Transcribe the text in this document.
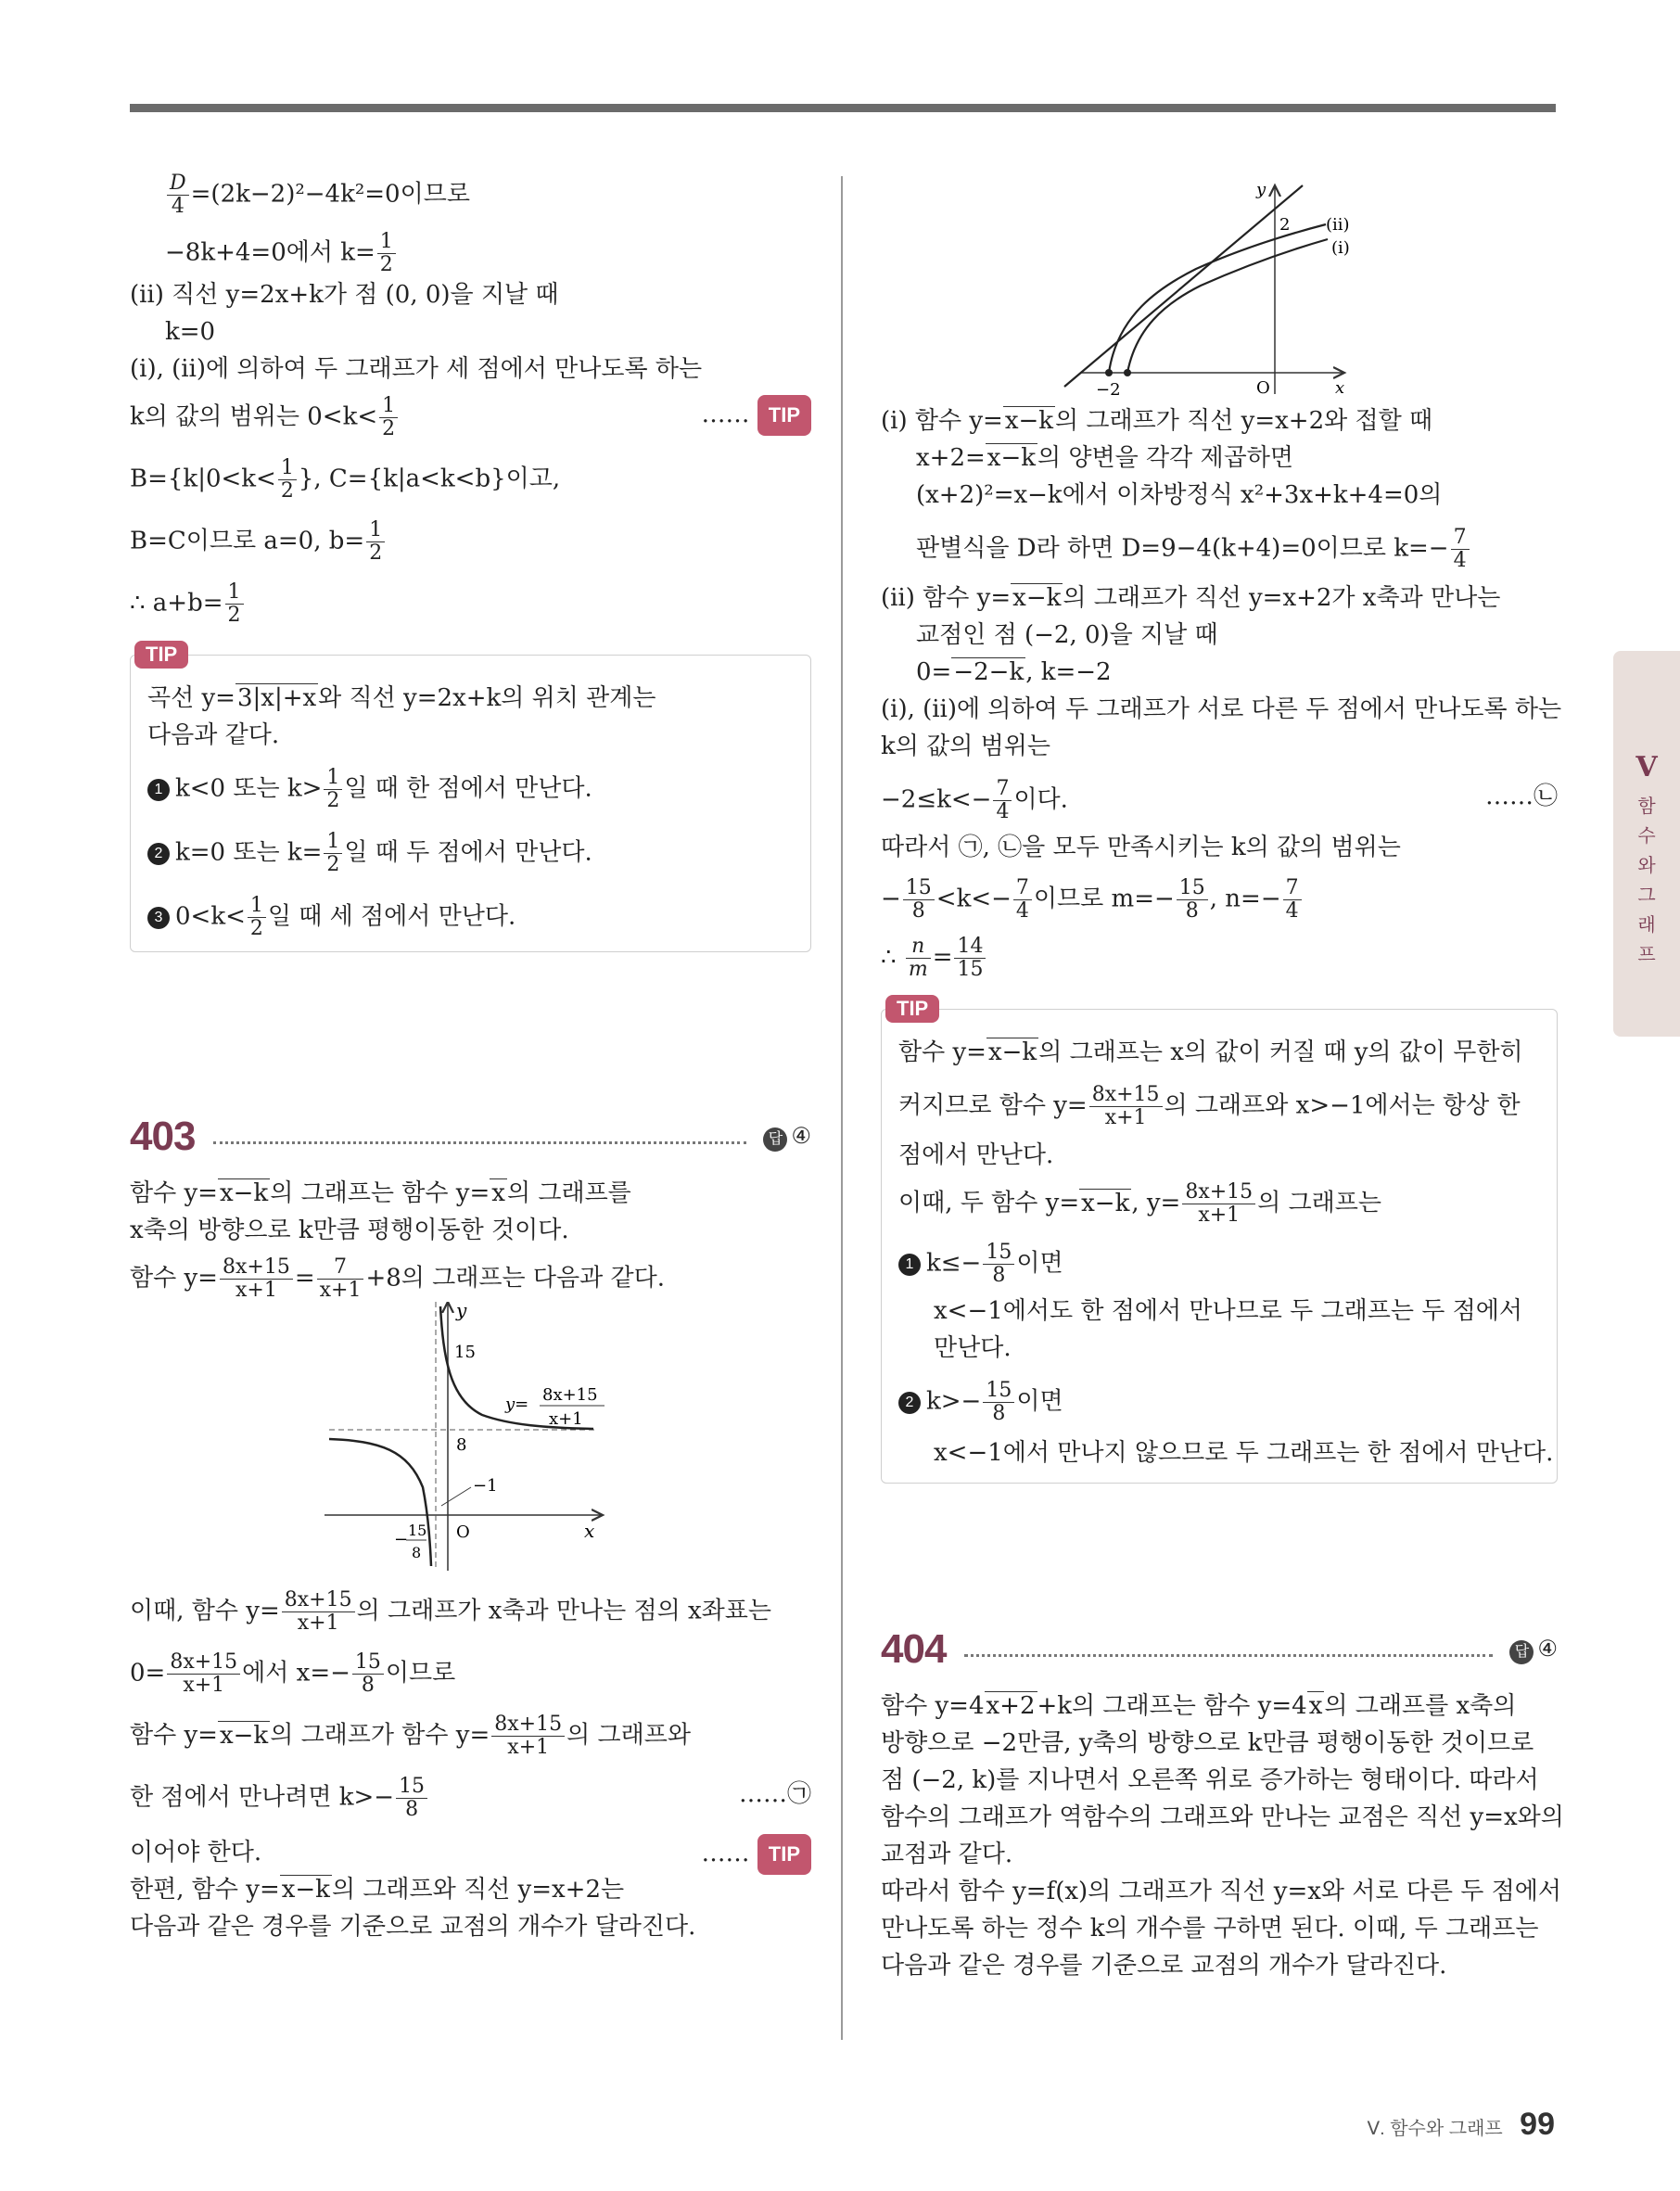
$\frac{D}{4} =(2k-2)^2-4k^2=0$이므로
−8k+4=0에서 $k= \frac{1}{2}$
(ⅱ) 직선 y=2x+k가 점 (0, 0)을 지날 때
k=0
(ⅰ), (ⅱ)에 의하여 두 그래프가 세 점에서 만나도록 하는
k의 값의 범위는 $0<k< \frac{1}{2}$	…… TIP
$B=\{k|0<k< \frac{1}{2}$ }, C={k|a<k<b}이고,
B=C이므로 a=0, $b= \frac{1}{2}$
∴ $a+b= \frac{1}{2}$
TIP
곡선 y=3|x|+x와 직선 y=2x+k의 위치 관계는
다음과 같다.
1 k<0 또는 $k> \frac{1}{2}$ 일 때 한 점에서 만난다.
2 k=0 또는 $k= \frac{1}{2}$ 일 때 두 점에서 만난다.
3 $0<k< \frac{1}{2}$ 일 때 세 점에서 만난다.
403	답 ④
함수 y=x−k의 그래프는 함수 y=x의 그래프를
x축의 방향으로 k만큼 평행이동한 것이다.
함수 $y= \frac{8x+15}{x+1} = \frac{7}{x+1} +8$의 그래프는 다음과 같다.
y
15
8
O	x
−1
y= 8x+15
x+1
− 15
8
이때, 함수 $y= \frac{8x+15}{x+1}$ 의 그래프가 x축과 만나는 점의 x좌표는
$0= \frac{8x+15}{x+1}$ 에서 $x=- \frac{15}{8}$ 이므로
함수 y=x−k의 그래프가 함수 $y= \frac{8x+15}{x+1}$ 의 그래프와
한 점에서 만나려면 $k>- \frac{15}{8}$	……㉠
이어야 한다.	…… TIP
한편, 함수 y=x−k의 그래프와 직선 y=x+2는
다음과 같은 경우를 기준으로 교점의 개수가 달라진다.
y
2
O	x
−2
(ⅱ)
(ⅰ)
(ⅰ) 함수 y=x−k의 그래프가 직선 y=x+2와 접할 때
x+2=x−k의 양변을 각각 제곱하면
(x+2)²=x−k에서 이차방정식 x²+3x+k+4=0의
판별식을 D라 하면 D=9−4(k+4)=0이므로 $k=- \frac{7}{4}$
(ⅱ) 함수 y=x−k의 그래프가 직선 y=x+2가 x축과 만나는
교점인 점 (−2, 0)을 지날 때
0=−2−k, k=−2
(ⅰ), (ⅱ)에 의하여 두 그래프가 서로 다른 두 점에서 만나도록 하는
k의 값의 범위는
$-2\le k<- \frac{7}{4}$ 이다.	……㉡
따라서 ㉠, ㉡을 모두 만족시키는 k의 값의 범위는
− $\frac{15}{8} <k<- \frac{7}{4}$ 이므로 $m=- \frac{15}{8}$ , $n=- \frac{7}{4}$
∴ $\frac{n}{m} = \frac{14}{15}$
TIP
함수 y=x−k의 그래프는 x의 값이 커질 때 y의 값이 무한히
커지므로 함수 $y= \frac{8x+15}{x+1}$ 의 그래프와 x>−1에서는 항상 한
점에서 만난다.
이때, 두 함수 y=x−k, $y= \frac{8x+15}{x+1}$ 의 그래프는
1 $k\le- \frac{15}{8}$ 이면
x<−1에서도 한 점에서 만나므로 두 그래프는 두 점에서
만난다.
2 $k>- \frac{15}{8}$ 이면
x<−1에서 만나지 않으므로 두 그래프는 한 점에서 만난다.
404	답 ④
함수 y=4x+2+k의 그래프는 함수 y=4x의 그래프를 x축의
방향으로 −2만큼, y축의 방향으로 k만큼 평행이동한 것이므로
점 (−2, k)를 지나면서 오른쪽 위로 증가하는 형태이다. 따라서
함수의 그래프가 역함수의 그래프와 만나는 교점은 직선 y=x와의
교점과 같다.
따라서 함수 y=f(x)의 그래프가 직선 y=x와 서로 다른 두 점에서
만나도록 하는 정수 k의 개수를 구하면 된다. 이때, 두 그래프는
다음과 같은 경우를 기준으로 교점의 개수가 달라진다.
V
함
수
와
그
래
프
Ⅴ. 함수와 그래프 99
